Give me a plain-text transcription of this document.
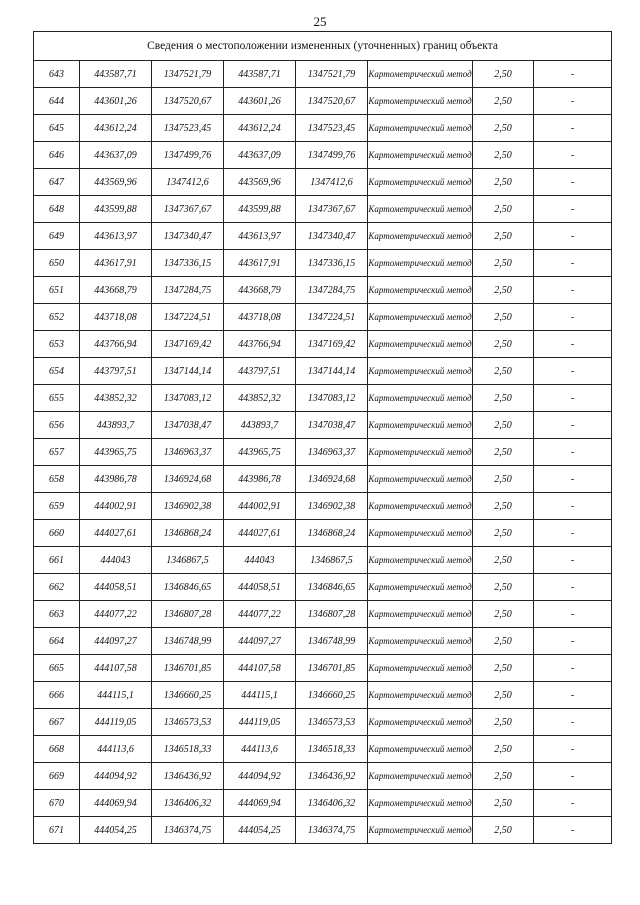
25
Сведения о местоположении измененных (уточненных) границ объекта							
643	443587,71	1347521,79	443587,71	1347521,79	Картометрический метод	2,50	-
644	443601,26	1347520,67	443601,26	1347520,67	Картометрический метод	2,50	-
645	443612,24	1347523,45	443612,24	1347523,45	Картометрический метод	2,50	-
646	443637,09	1347499,76	443637,09	1347499,76	Картометрический метод	2,50	-
647	443569,96	1347412,6	443569,96	1347412,6	Картометрический метод	2,50	-
648	443599,88	1347367,67	443599,88	1347367,67	Картометрический метод	2,50	-
649	443613,97	1347340,47	443613,97	1347340,47	Картометрический метод	2,50	-
650	443617,91	1347336,15	443617,91	1347336,15	Картометрический метод	2,50	-
651	443668,79	1347284,75	443668,79	1347284,75	Картометрический метод	2,50	-
652	443718,08	1347224,51	443718,08	1347224,51	Картометрический метод	2,50	-
653	443766,94	1347169,42	443766,94	1347169,42	Картометрический метод	2,50	-
654	443797,51	1347144,14	443797,51	1347144,14	Картометрический метод	2,50	-
655	443852,32	1347083,12	443852,32	1347083,12	Картометрический метод	2,50	-
656	443893,7	1347038,47	443893,7	1347038,47	Картометрический метод	2,50	-
657	443965,75	1346963,37	443965,75	1346963,37	Картометрический метод	2,50	-
658	443986,78	1346924,68	443986,78	1346924,68	Картометрический метод	2,50	-
659	444002,91	1346902,38	444002,91	1346902,38	Картометрический метод	2,50	-
660	444027,61	1346868,24	444027,61	1346868,24	Картометрический метод	2,50	-
661	444043	1346867,5	444043	1346867,5	Картометрический метод	2,50	-
662	444058,51	1346846,65	444058,51	1346846,65	Картометрический метод	2,50	-
663	444077,22	1346807,28	444077,22	1346807,28	Картометрический метод	2,50	-
664	444097,27	1346748,99	444097,27	1346748,99	Картометрический метод	2,50	-
665	444107,58	1346701,85	444107,58	1346701,85	Картометрический метод	2,50	-
666	444115,1	1346660,25	444115,1	1346660,25	Картометрический метод	2,50	-
667	444119,05	1346573,53	444119,05	1346573,53	Картометрический метод	2,50	-
668	444113,6	1346518,33	444113,6	1346518,33	Картометрический метод	2,50	-
669	444094,92	1346436,92	444094,92	1346436,92	Картометрический метод	2,50	-
670	444069,94	1346406,32	444069,94	1346406,32	Картометрический метод	2,50	-
671	444054,25	1346374,75	444054,25	1346374,75	Картометрический метод	2,50	-
